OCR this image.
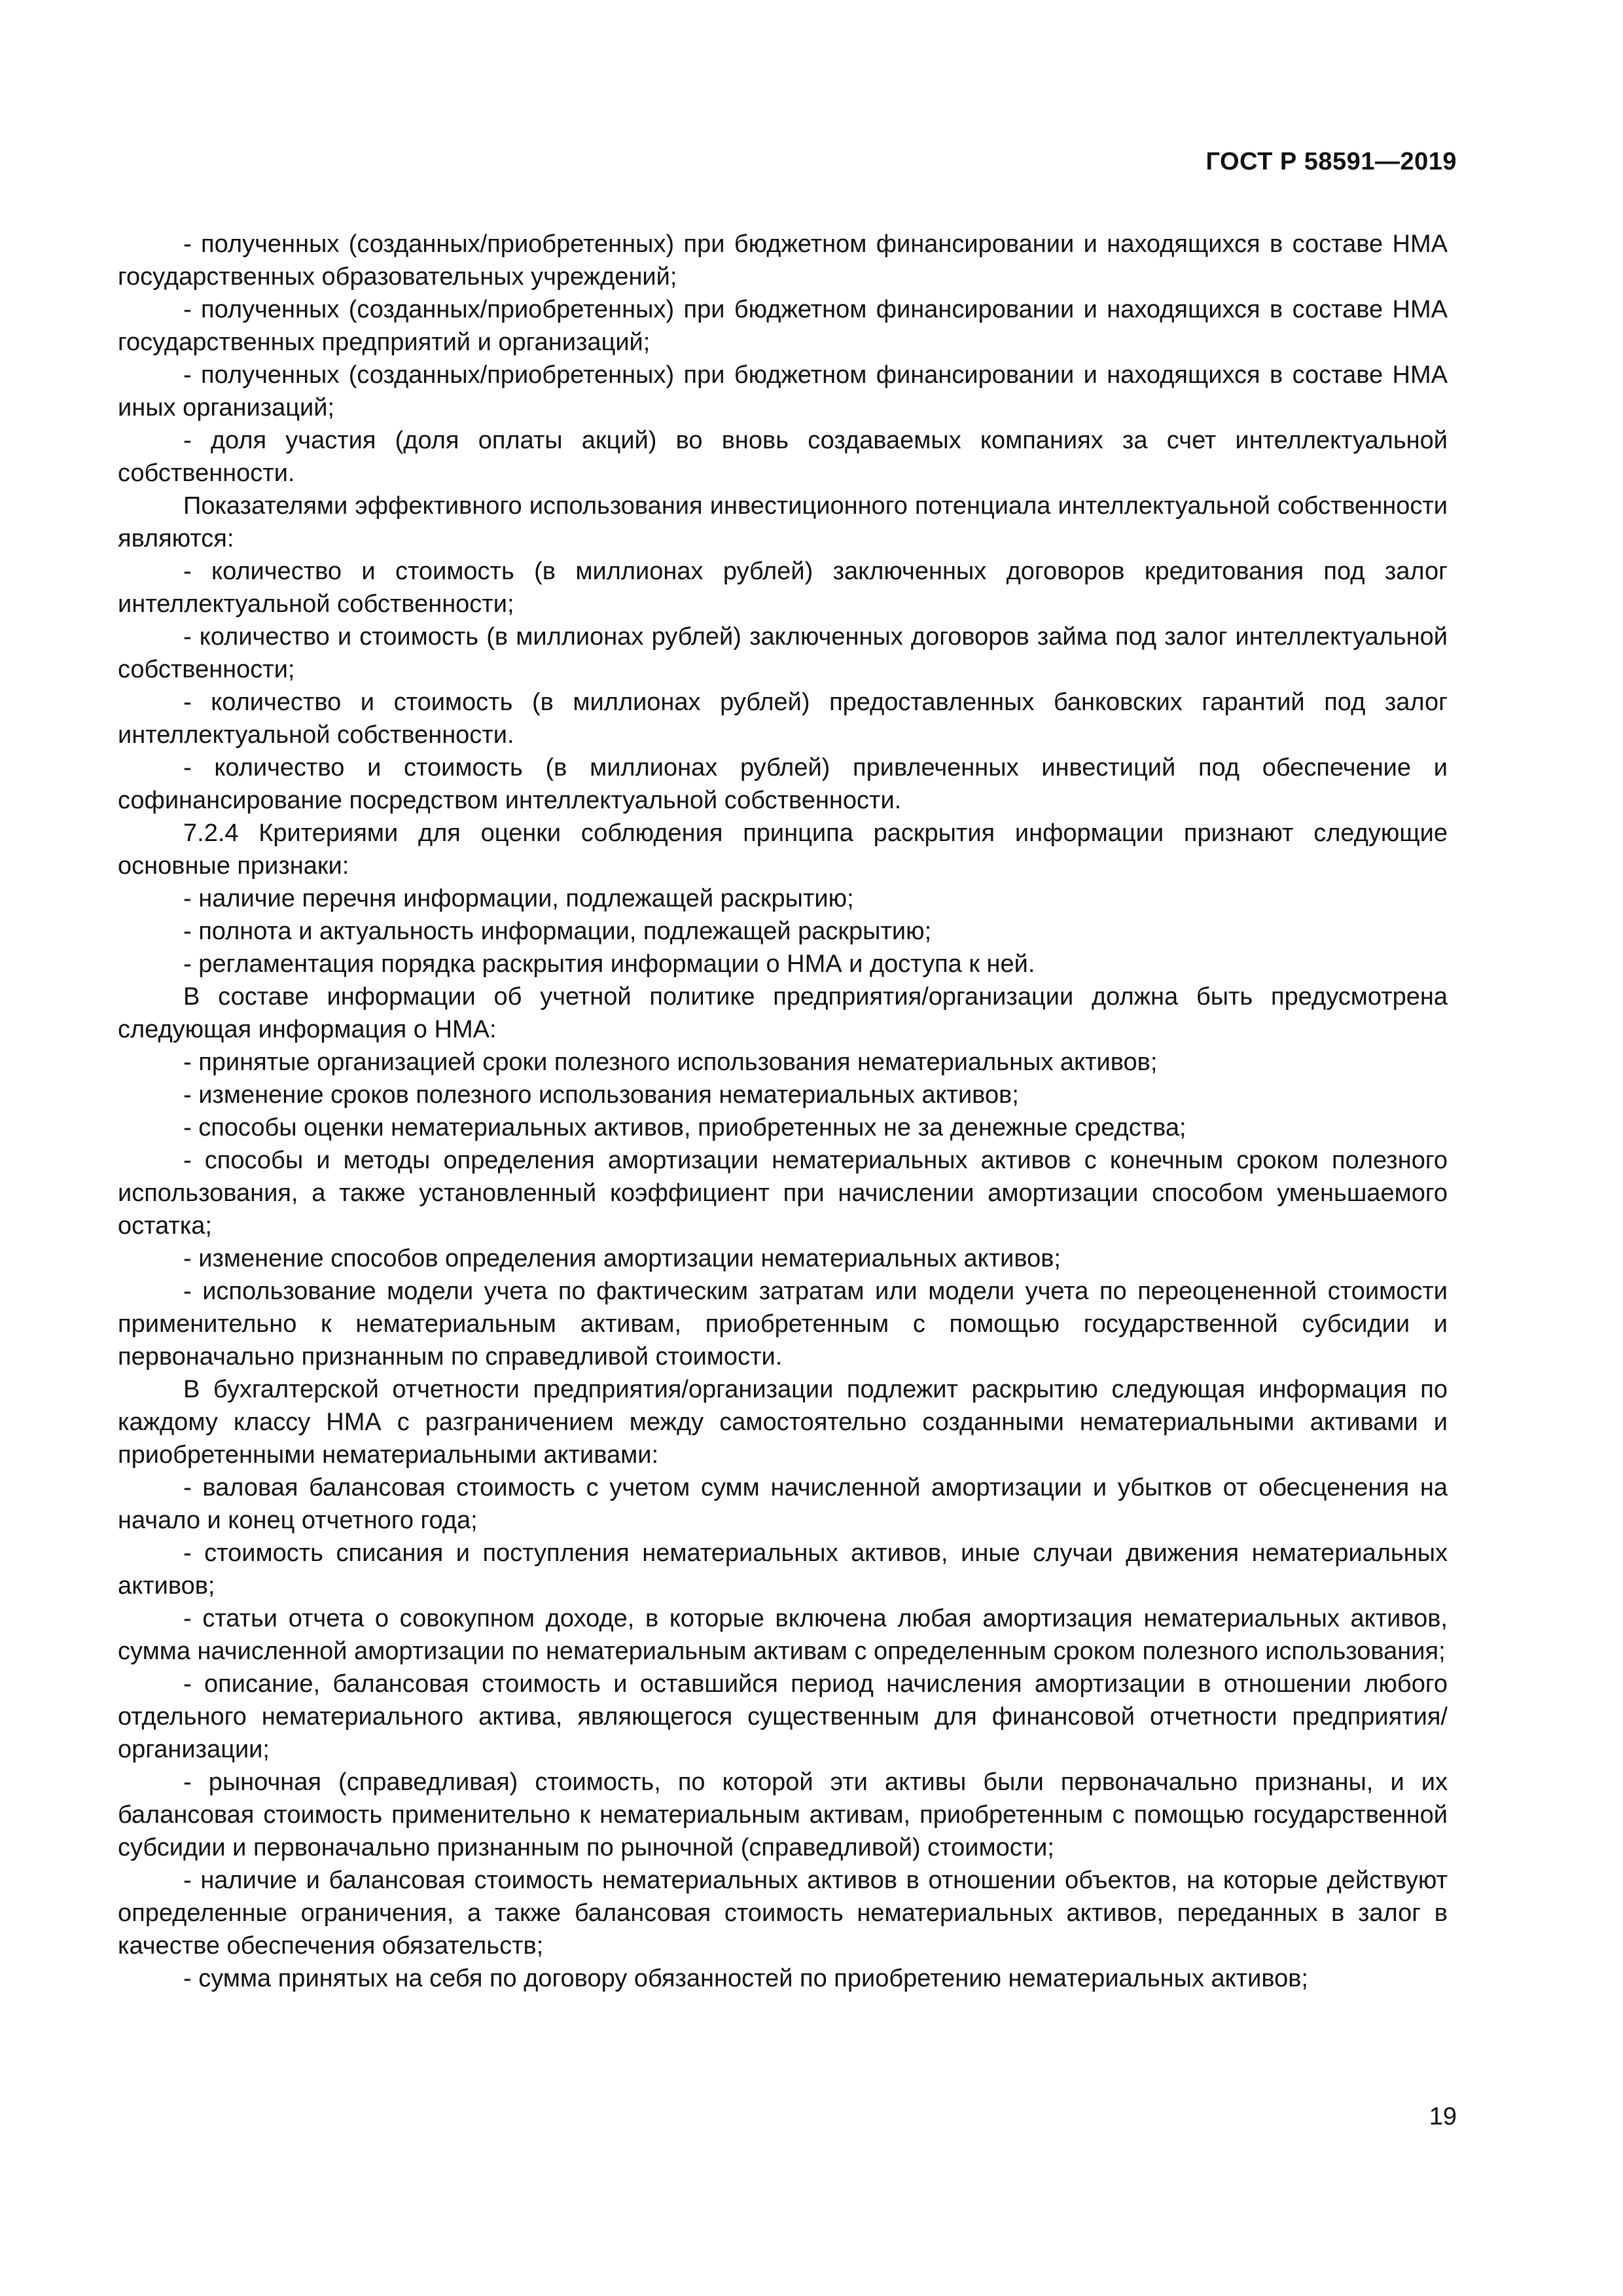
ГОСТ Р 58591—2019

- полученных (созданных/приобретенных) при бюджетном финансировании и находящихся в составе НМА государственных образовательных учреждений;

- полученных (созданных/приобретенных) при бюджетном финансировании и находящихся в составе НМА государственных предприятий и организаций;

- полученных (созданных/приобретенных) при бюджетном финансировании и находящихся в составе НМА иных организаций;

- доля участия (доля оплаты акций) во вновь создаваемых компаниях за счет интеллектуальной собственности.

Показателями эффективного использования инвестиционного потенциала интеллектуальной собственности являются:

- количество и стоимость (в миллионах рублей) заключенных договоров кредитования под залог интеллектуальной собственности;

- количество и стоимость (в миллионах рублей) заключенных договоров займа под залог интеллектуальной собственности;

- количество и стоимость (в миллионах рублей) предоставленных банковских гарантий под залог интеллектуальной собственности.

- количество и стоимость (в миллионах рублей) привлеченных инвестиций под обеспечение и софинансирование посредством интеллектуальной собственности.

7.2.4 Критериями для оценки соблюдения принципа раскрытия информации признают следующие основные признаки:

- наличие перечня информации, подлежащей раскрытию;

- полнота и актуальность информации, подлежащей раскрытию;

- регламентация порядка раскрытия информации о НМА и доступа к ней.

В составе информации об учетной политике предприятия/организации должна быть предусмотрена следующая информация о НМА:

- принятые организацией сроки полезного использования нематериальных активов;

- изменение сроков полезного использования нематериальных активов;

- способы оценки нематериальных активов, приобретенных не за денежные средства;

- способы и методы определения амортизации нематериальных активов с конечным сроком полезного использования, а также установленный коэффициент при начислении амортизации способом уменьшаемого остатка;

- изменение способов определения амортизации нематериальных активов;

- использование модели учета по фактическим затратам или модели учета по переоцененной стоимости применительно к нематериальным активам, приобретенным с помощью государственной субсидии и первоначально признанным по справедливой стоимости.

В бухгалтерской отчетности предприятия/организации подлежит раскрытию следующая информация по каждому классу НМА с разграничением между самостоятельно созданными нематериальными активами и приобретенными нематериальными активами:

- валовая балансовая стоимость с учетом сумм начисленной амортизации и убытков от обесценения на начало и конец отчетного года;

- стоимость списания и поступления нематериальных активов, иные случаи движения нематериальных активов;

- статьи отчета о совокупном доходе, в которые включена любая амортизация нематериальных активов, сумма начисленной амортизации по нематериальным активам с определенным сроком полезного использования;

- описание, балансовая стоимость и оставшийся период начисления амортизации в отношении любого отдельного нематериального актива, являющегося существенным для финансовой отчетности предприятия/организации;

- рыночная (справедливая) стоимость, по которой эти активы были первоначально признаны, и их балансовая стоимость применительно к нематериальным активам, приобретенным с помощью государственной субсидии и первоначально признанным по рыночной (справедливой) стоимости;

- наличие и балансовая стоимость нематериальных активов в отношении объектов, на которые действуют определенные ограничения, а также балансовая стоимость нематериальных активов, переданных в залог в качестве обеспечения обязательств;

- сумма принятых на себя по договору обязанностей по приобретению нематериальных активов;

19
